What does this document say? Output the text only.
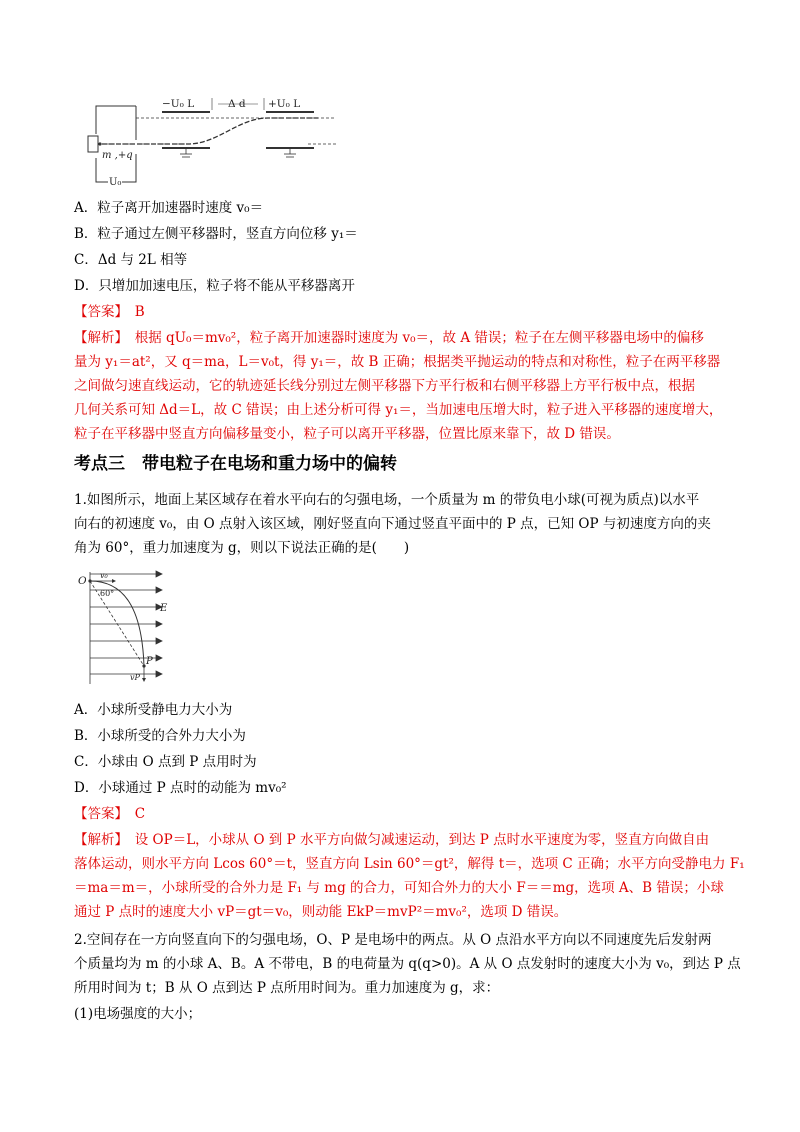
−U₀ L	Δ d +U₀ L
m ,+q
U₀
A．粒子离开加速器时速度 v₀＝
B．粒子通过左侧平移器时，竖直方向位移 y₁＝
C．Δd 与 2L 相等
D．只增加加速电压，粒子将不能从平移器离开
【答案】　B
【解析】　根据 qU₀＝mv₀²，粒子离开加速器时速度为 v₀＝，故 A 错误；粒子在左侧平移器电场中的偏移
量为 y₁＝at²，又 q＝ma，L＝v₀t，得 y₁＝，故 B 正确；根据类平抛运动的特点和对称性，粒子在两平移器
之间做匀速直线运动，它的轨迹延长线分别过左侧平移器下方平行板和右侧平移器上方平行板中点，根据
几何关系可知 Δd＝L，故 C 错误；由上述分析可得 y₁＝，当加速电压增大时，粒子进入平移器的速度增大，
粒子在平移器中竖直方向偏移量变小，粒子可以离开平移器，位置比原来靠下，故 D 错误。
考点三　带电粒子在电场和重力场中的偏转
1.如图所示，地面上某区域存在着水平向右的匀强电场，一个质量为 m 的带负电小球(可视为质点)以水平
向右的初速度 v₀，由 O 点射入该区域，刚好竖直向下通过竖直平面中的 P 点，已知 OP 与初速度方向的夹
角为 60°，重力加速度为 g，则以下说法正确的是(　　)
O v₀
60°
E
P
vP
A．小球所受静电力大小为
B．小球所受的合外力大小为
C．小球由 O 点到 P 点用时为
D．小球通过 P 点时的动能为 mv₀²
【答案】　C
【解析】　设 OP＝L，小球从 O 到 P 水平方向做匀减速运动，到达 P 点时水平速度为零，竖直方向做自由
落体运动，则水平方向 Lcos 60°＝t，竖直方向 Lsin 60°＝gt²，解得 t＝，选项 C 正确；水平方向受静电力 F₁
＝ma＝m＝，小球所受的合外力是 F₁ 与 mg 的合力，可知合外力的大小 F＝＝mg，选项 A、B 错误；小球
通过 P 点时的速度大小 vP＝gt＝v₀，则动能 EkP＝mvP²＝mv₀²，选项 D 错误。
2.空间存在一方向竖直向下的匀强电场，O、P 是电场中的两点。从 O 点沿水平方向以不同速度先后发射两
个质量均为 m 的小球 A、B。A 不带电，B 的电荷量为 q(q>0)。A 从 O 点发射时的速度大小为 v₀，到达 P 点
所用时间为 t；B 从 O 点到达 P 点所用时间为。重力加速度为 g，求：
(1)电场强度的大小；
